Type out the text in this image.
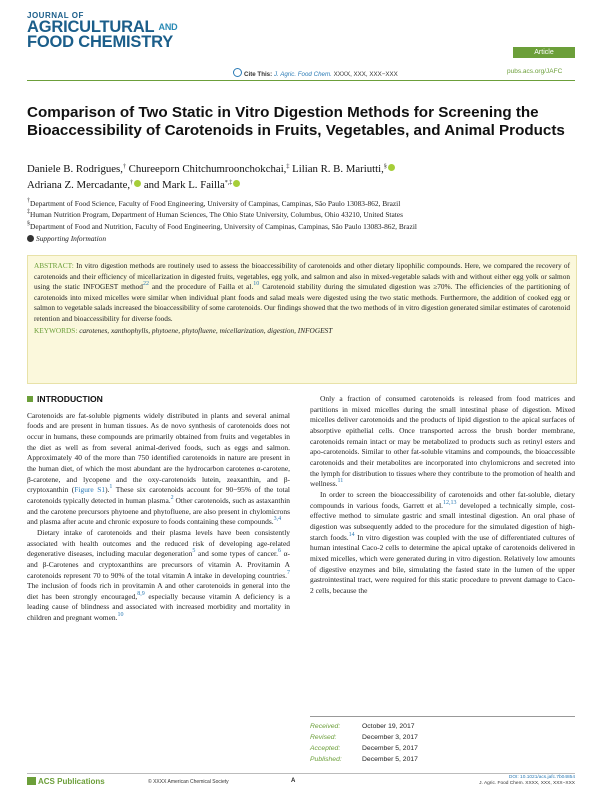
JOURNAL OF
AGRICULTURAL $^{AND}$
FOOD CHEMISTRY
Article
Cite This: J. Agric. Food Chem. XXXX, XXX, XXX−XXX	pubs.acs.org/JAFC
Comparison of Two Static in Vitro Digestion Methods for Screening the Bioaccessibility of Carotenoids in Fruits, Vegetables, and Animal Products
Daniele B. Rodrigues,† Chureeporn Chitchumroonchokchai,‡ Lilian R. B. Mariutti,§
Adriana Z. Mercadante,† and Mark L. Failla*,‡
†Department of Food Science, Faculty of Food Engineering, University of Campinas, Campinas, São Paulo 13083-862, Brazil
‡Human Nutrition Program, Department of Human Sciences, The Ohio State University, Columbus, Ohio 43210, United States
§Department of Food and Nutrition, Faculty of Food Engineering, University of Campinas, Campinas, São Paulo 13083-862, Brazil
Supporting Information
ABSTRACT: In vitro digestion methods are routinely used to assess the bioaccessibility of carotenoids and other dietary lipophilic compounds. Here, we compared the recovery of carotenoids and their efficiency of micellarization in digested fruits, vegetables, egg yolk, and salmon and also in mixed-vegetable salads with and without either egg yolk or salmon using the static INFOGEST method$^{22}$ and the procedure of Failla et al.$^{10}$ Carotenoid stability during the simulated digestion was ≥70%. The efficiencies of the partitioning of carotenoids into mixed micelles were similar when individual plant foods and salad meals were digested using the two static methods. Furthermore, the addition of cooked egg or salmon to vegetable salads increased the bioaccessibility of some carotenoids. Our findings showed that the two methods of in vitro digestion generated similar estimates of carotenoid retention and bioaccessibility for diverse foods.
KEYWORDS: carotenes, xanthophylls, phytoene, phytofluene, micellarization, digestion, INFOGEST
INTRODUCTION

Carotenoids are fat-soluble pigments widely distributed in plants and several animal foods and are present in human tissues. As de novo synthesis of carotenoids does not occur in humans, these compounds are primarily obtained from fruits and vegetables in the diet as well as from several animal-derived foods, such as eggs and salmon. Approximately 40 of the more than 750 identified carotenoids in nature are present in the human diet, of which the most abundant are the hydrocarbon carotenes α-carotene, β-carotene, and lycopene and the oxy-carotenoids lutein, zeaxanthin, and β-cryptoxanthin (Figure S1).$^1$ These six carotenoids account for 90−95% of the total carotenoids typically detected in human plasma.$^2$ Other carotenoids, such as astaxanthin and the carotene precursors phytoene and phytofluene, are also present in chylomicrons and plasma after acute and chronic exposure to foods containing these compounds.$^{3,4}$

Dietary intake of carotenoids and their plasma levels have been consistently associated with health outcomes and the reduced risk of developing age-related degenerative diseases, including macular degeneration$^5$ and some types of cancer.$^6$ α- and β-Carotenes and cryptoxanthins are precursors of vitamin A. Provitamin A carotenoids represent 70 to 90% of the total vitamin A intake in developing countries.$^7$ The inclusion of foods rich in provitamin A and other carotenoids in general into the diet has been strongly encouraged,$^{8,9}$ especially because vitamin A deficiency is a leading cause of blindness and associated with increased morbidity and mortality in children and pregnant women.$^{10}$

Only a fraction of consumed carotenoids is released from food matrices and partitions in mixed micelles during the small intestinal phase of digestion. Mixed micelles deliver carotenoids and the products of lipid digestion to the apical surfaces of absorptive epithelial cells. Once transported across the brush border membrane, carotenoids remain intact or may be metabolized to products such as retinyl esters and apo-carotenoids. Similar to other fat-soluble vitamins and compounds, the bioaccessible carotenoids and their metabolites are incorporated into chylomicrons and secreted into the lymph for distribution to tissues where they contribute to the promotion of health and wellness.$^{11}$

In order to screen the bioaccessibility of carotenoids and other fat-soluble, dietary compounds in various foods, Garrett et al.$^{12,13}$ developed a technically simple, cost-effective method to simulate gastric and small intestinal digestion. An oral phase of digestion was subsequently added to the procedure for the simulated digestion of high-starch foods.$^{14}$ In vitro digestion was coupled with the use of differentiated cultures of human intestinal Caco-2 cells to determine the apical uptake of carotenoids delivered in mixed micelles, which were generated during in vitro digestion. Relatively low amounts of digestive enzymes and bile, simulating the fasted state in the lumen of the upper gastrointestinal tract, were required for this static procedure to prevent damage to Caco-2 cells, because the

Received:	October 19, 2017
Revised:	December 3, 2017
Accepted:	December 5, 2017
Published:	December 5, 2017
ACS Publications	© XXXX American Chemical Society	A
DOI: 10.1021/acs.jafc.7b04854
J. Agric. Food Chem. XXXX, XXX, XXX−XXX
